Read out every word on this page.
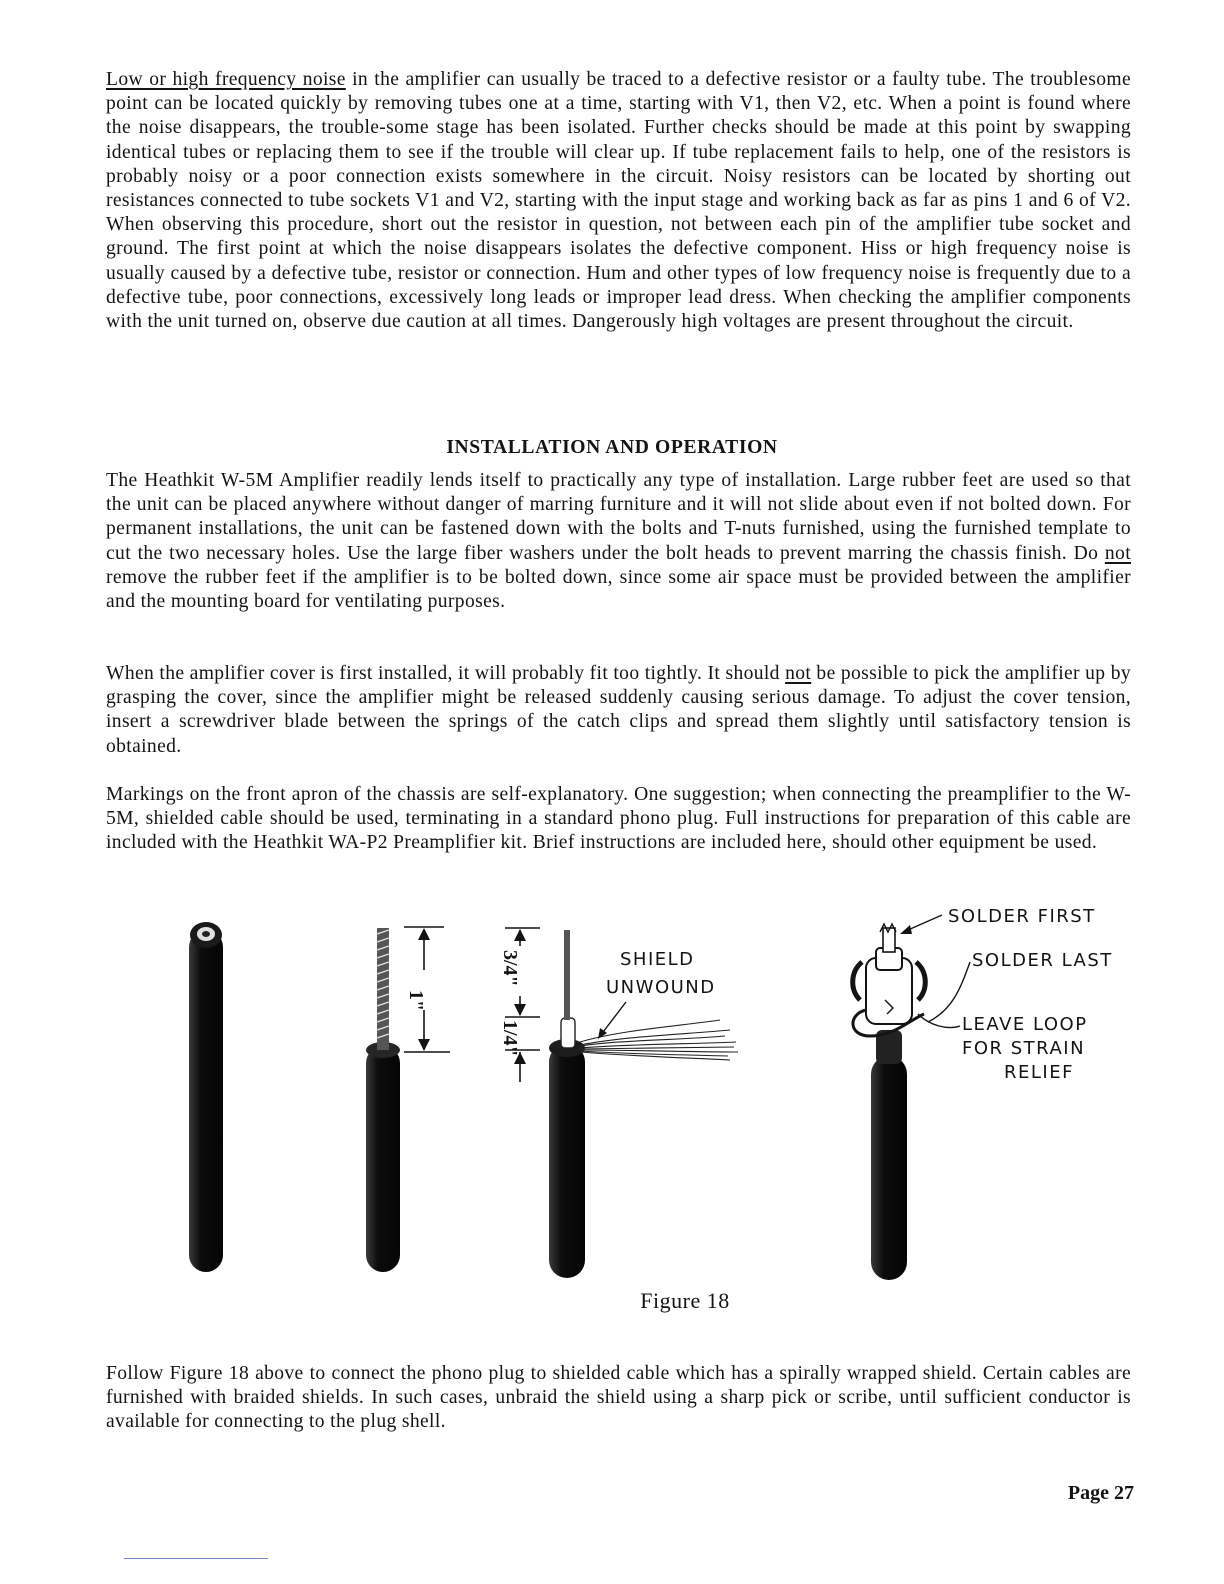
Low or high frequency noise in the amplifier can usually be traced to a defective resistor or a faulty tube. The troublesome point can be located quickly by removing tubes one at a time, starting with V1, then V2, etc. When a point is found where the noise disappears, the trouble-some stage has been isolated. Further checks should be made at this point by swapping identical tubes or replacing them to see if the trouble will clear up. If tube replacement fails to help, one of the resistors is probably noisy or a poor connection exists somewhere in the circuit. Noisy resistors can be located by shorting out resistances connected to tube sockets V1 and V2, starting with the input stage and working back as far as pins 1 and 6 of V2. When observing this procedure, short out the resistor in question, not between each pin of the amplifier tube socket and ground. The first point at which the noise disappears isolates the defective component. Hiss or high frequency noise is usually caused by a defective tube, resistor or connection. Hum and other types of low frequency noise is frequently due to a defective tube, poor connections, excessively long leads or improper lead dress. When checking the amplifier components with the unit turned on, observe due caution at all times. Dangerously high voltages are present throughout the circuit.

INSTALLATION AND OPERATION

The Heathkit W-5M Amplifier readily lends itself to practically any type of installation. Large rubber feet are used so that the unit can be placed anywhere without danger of marring furniture and it will not slide about even if not bolted down. For permanent installations, the unit can be fastened down with the bolts and T-nuts furnished, using the furnished template to cut the two necessary holes. Use the large fiber washers under the bolt heads to prevent marring the chassis finish. Do not remove the rubber feet if the amplifier is to be bolted down, since some air space must be provided between the amplifier and the mounting board for ventilating purposes.

When the amplifier cover is first installed, it will probably fit too tightly. It should not be possible to pick the amplifier up by grasping the cover, since the amplifier might be released suddenly causing serious damage. To adjust the cover tension, insert a screwdriver blade between the springs of the catch clips and spread them slightly until satisfactory tension is obtained.

Markings on the front apron of the chassis are self-explanatory. One suggestion; when connecting the preamplifier to the W-5M, shielded cable should be used, terminating in a standard phono plug. Full instructions for preparation of this cable are included with the Heathkit WA-P2 Preamplifier kit. Brief instructions are included here, should other equipment be used.

1"
3/4"
1/4"
SHIELD
UNWOUND
SOLDER FIRST
SOLDER LAST
LEAVE LOOP
FOR STRAIN
RELIEF
Figure 18

Follow Figure 18 above to connect the phono plug to shielded cable which has a spirally wrapped shield. Certain cables are furnished with braided shields. In such cases, unbraid the shield using a sharp pick or scribe, until sufficient conductor is available for connecting to the plug shell.

Page 27
